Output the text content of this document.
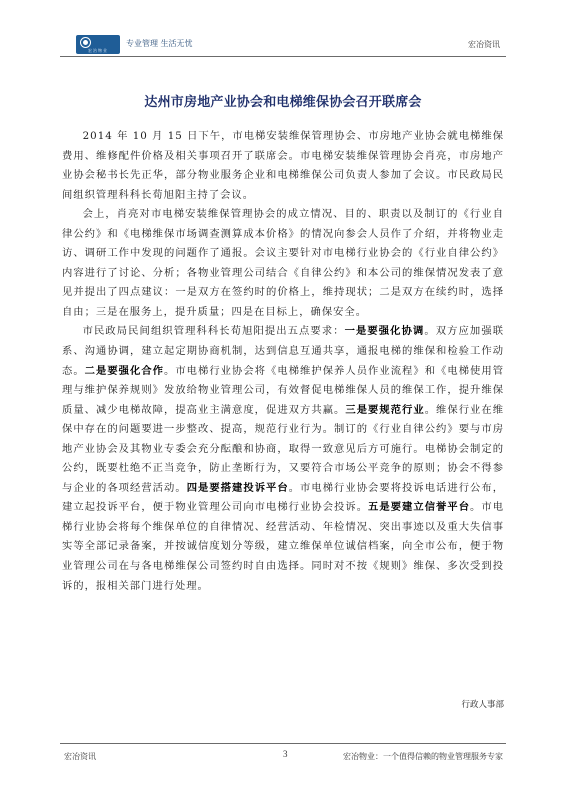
宏治物业
专业管理 生活无忧	宏冶资讯
达州市房地产业协会和电梯维保协会召开联席会

2014 年 10 月 15 日下午，市电梯安装维保管理协会、市房地产业协会就电梯维保费用、维修配件价格及相关事项召开了联席会。市电梯安装维保管理协会肖亮，市房地产业协会秘书长先正华，部分物业服务企业和电梯维保公司负责人参加了会议。市民政局民间组织管理科科长荀旭阳主持了会议。

会上，肖亮对市电梯安装维保管理协会的成立情况、目的、职责以及制订的《行业自律公约》和《电梯维保市场调查测算成本价格》的情况向参会人员作了介绍，并将物业走访、调研工作中发现的问题作了通报。会议主要针对市电梯行业协会的《行业自律公约》内容进行了讨论、分析；各物业管理公司结合《自律公约》和本公司的维保情况发表了意见并提出了四点建议：一是双方在签约时的价格上，维持现状；二是双方在续约时，选择自由；三是在服务上，提升质量；四是在目标上，确保安全。

市民政局民间组织管理科科长荀旭阳提出五点要求：一是要强化协调。双方应加强联系、沟通协调，建立起定期协商机制，达到信息互通共享，通报电梯的维保和检验工作动态。二是要强化合作。市电梯行业协会将《电梯维护保养人员作业流程》和《电梯使用管理与维护保养规则》发放给物业管理公司，有效督促电梯维保人员的维保工作，提升维保质量、减少电梯故障，提高业主满意度，促进双方共赢。三是要规范行业。维保行业在维保中存在的问题要进一步整改、提高，规范行业行为。制订的《行业自律公约》要与市房地产业协会及其物业专委会充分酝酿和协商，取得一致意见后方可施行。电梯协会制定的公约，既要杜绝不正当竞争，防止垄断行为，又要符合市场公平竞争的原则；协会不得参与企业的各项经营活动。四是要搭建投诉平台。市电梯行业协会要将投诉电话进行公布，建立起投诉平台，便于物业管理公司向市电梯行业协会投诉。五是要建立信誉平台。市电梯行业协会将每个维保单位的自律情况、经营活动、年检情况、突出事迹以及重大失信事实等全部记录备案，并按诚信度划分等级，建立维保单位诚信档案，向全市公布，便于物业管理公司在与各电梯维保公司签约时自由选择。同时对不按《规则》维保、多次受到投诉的，报相关部门进行处理。

行政人事部
宏冶资讯	3	宏冶物业：一个值得信赖的物业管理服务专家
